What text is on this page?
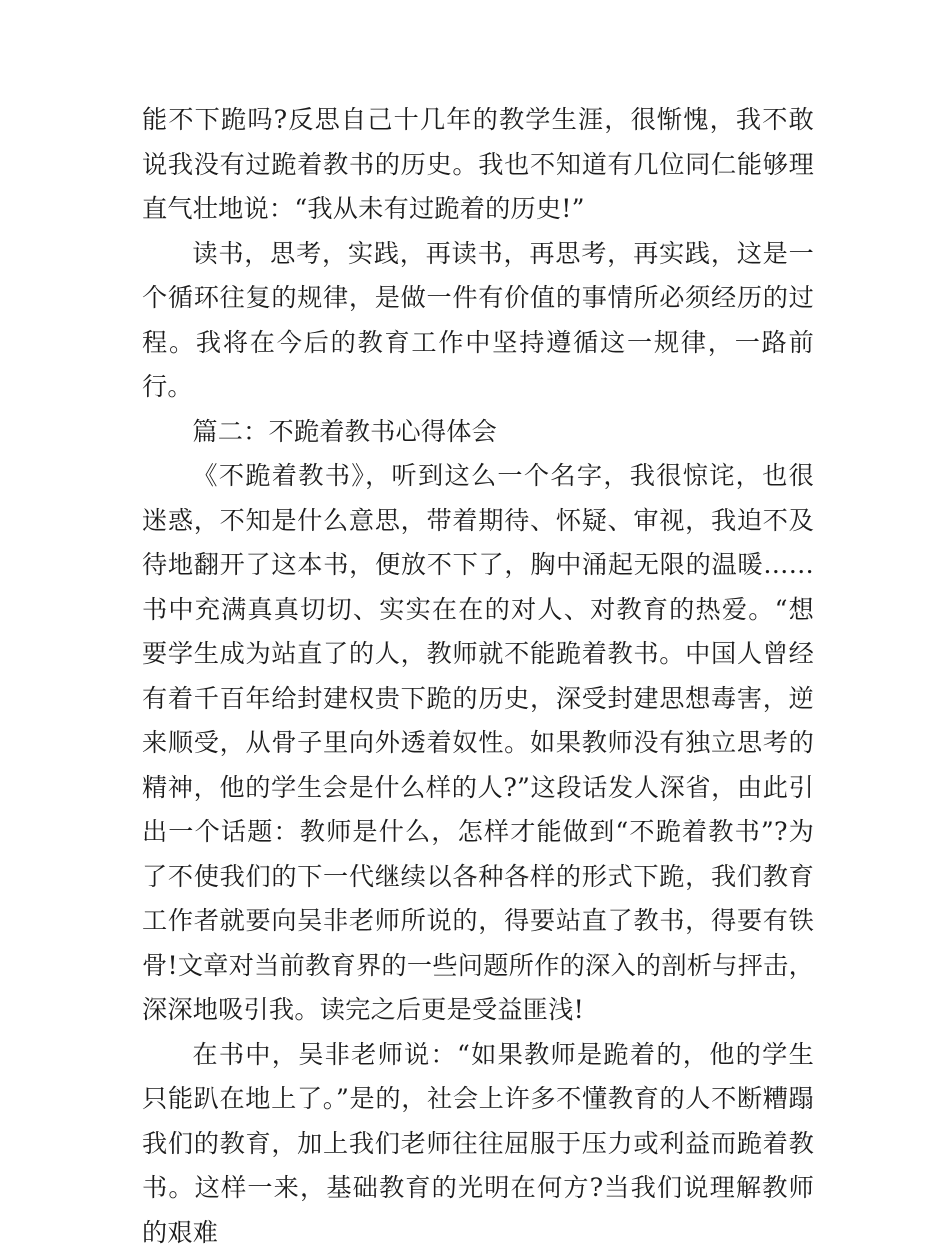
能不下跪吗?反思自己十几年的教学生涯，很惭愧，我不敢说我没有过跪着教书的历史。我也不知道有几位同仁能够理直气壮地说：“我从未有过跪着的历史!”

读书，思考，实践，再读书，再思考，再实践，这是一个循环往复的规律，是做一件有价值的事情所必须经历的过程。我将在今后的教育工作中坚持遵循这一规律，一路前行。

篇二：不跪着教书心得体会

《不跪着教书》，听到这么一个名字，我很惊诧，也很迷惑，不知是什么意思，带着期待、怀疑、审视，我迫不及待地翻开了这本书，便放不下了，胸中涌起无限的温暖……书中充满真真切切、实实在在的对人、对教育的热爱。“想要学生成为站直了的人，教师就不能跪着教书。中国人曾经有着千百年给封建权贵下跪的历史，深受封建思想毒害，逆来顺受，从骨子里向外透着奴性。如果教师没有独立思考的精神，他的学生会是什么样的人?”这段话发人深省，由此引出一个话题：教师是什么，怎样才能做到“不跪着教书”?为了不使我们的下一代继续以各种各样的形式下跪，我们教育工作者就要向吴非老师所说的，得要站直了教书，得要有铁骨!文章对当前教育界的一些问题所作的深入的剖析与抨击，深深地吸引我。读完之后更是受益匪浅!

在书中，吴非老师说：“如果教师是跪着的，他的学生只能趴在地上了。”是的，社会上许多不懂教育的人不断糟蹋我们的教育，加上我们老师往往屈服于压力或利益而跪着教书。这样一来，基础教育的光明在何方?当我们说理解教师的艰难
